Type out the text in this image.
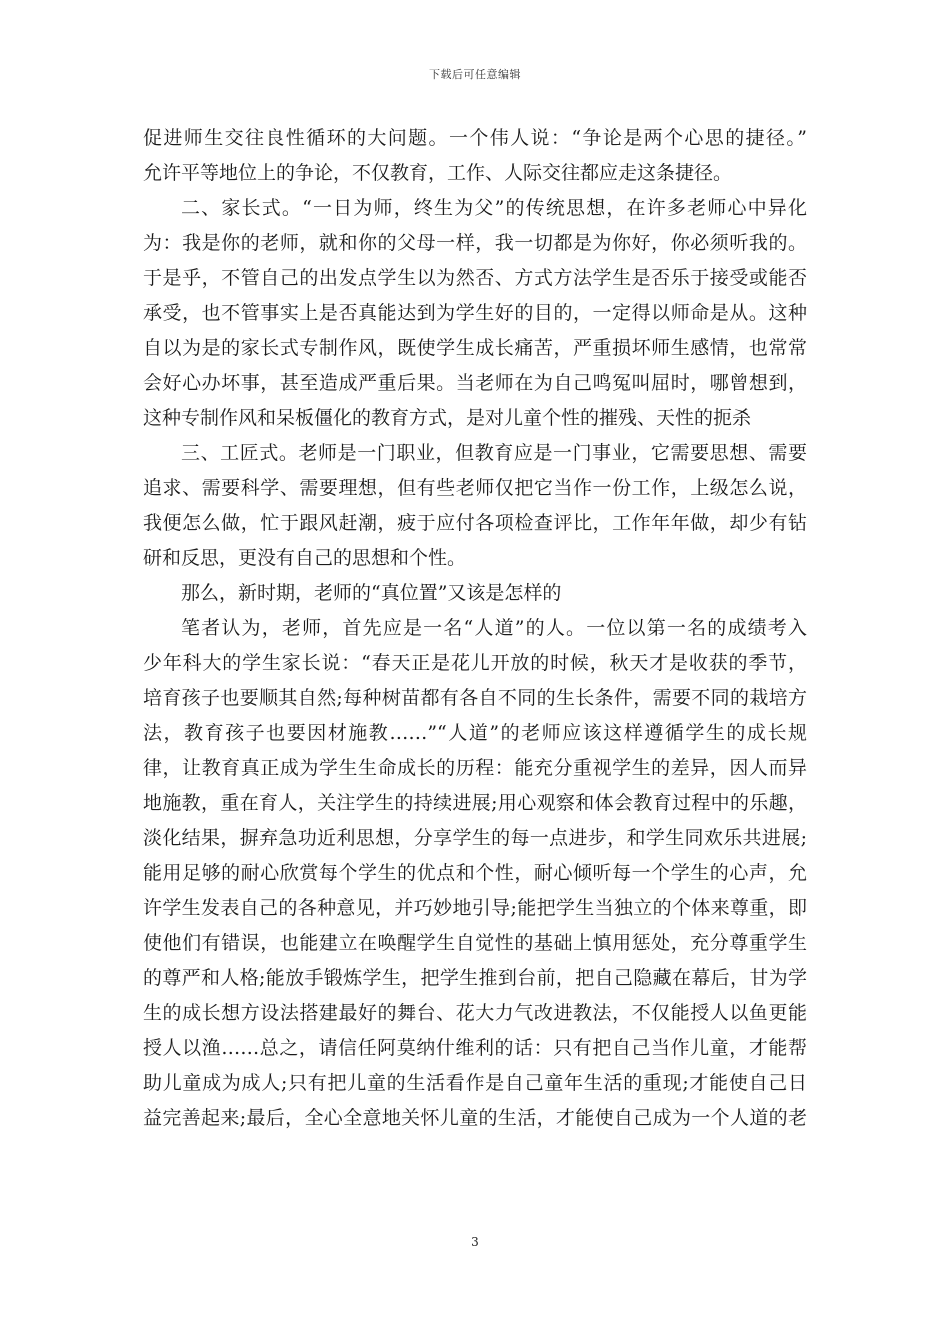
下载后可任意编辑
促进师生交往良性循环的大问题。一个伟人说：“争论是两个心思的捷径。”
允许平等地位上的争论，不仅教育，工作、人际交往都应走这条捷径。
二、家长式。“一日为师，终生为父”的传统思想，在许多老师心中异化
为：我是你的老师，就和你的父母一样，我一切都是为你好，你必须听我的。
于是乎，不管自己的出发点学生以为然否、方式方法学生是否乐于接受或能否
承受，也不管事实上是否真能达到为学生好的目的，一定得以师命是从。这种
自以为是的家长式专制作风，既使学生成长痛苦，严重损坏师生感情，也常常
会好心办坏事，甚至造成严重后果。当老师在为自己鸣冤叫屈时，哪曾想到，
这种专制作风和呆板僵化的教育方式，是对儿童个性的摧残、天性的扼杀
三、工匠式。老师是一门职业，但教育应是一门事业，它需要思想、需要
追求、需要科学、需要理想，但有些老师仅把它当作一份工作，上级怎么说，
我便怎么做，忙于跟风赶潮，疲于应付各项检查评比，工作年年做，却少有钻
研和反思，更没有自己的思想和个性。
那么，新时期，老师的“真位置”又该是怎样的
笔者认为，老师，首先应是一名“人道”的人。一位以第一名的成绩考入
少年科大的学生家长说：“春天正是花儿开放的时候，秋天才是收获的季节，
培育孩子也要顺其自然;每种树苗都有各自不同的生长条件，需要不同的栽培方
法，教育孩子也要因材施教……”“人道”的老师应该这样遵循学生的成长规
律，让教育真正成为学生生命成长的历程：能充分重视学生的差异，因人而异
地施教，重在育人，关注学生的持续进展;用心观察和体会教育过程中的乐趣，
淡化结果，摒弃急功近利思想，分享学生的每一点进步，和学生同欢乐共进展;
能用足够的耐心欣赏每个学生的优点和个性，耐心倾听每一个学生的心声，允
许学生发表自己的各种意见，并巧妙地引导;能把学生当独立的个体来尊重，即
使他们有错误，也能建立在唤醒学生自觉性的基础上慎用惩处，充分尊重学生
的尊严和人格;能放手锻炼学生，把学生推到台前，把自己隐藏在幕后，甘为学
生的成长想方设法搭建最好的舞台、花大力气改进教法，不仅能授人以鱼更能
授人以渔……总之，请信任阿莫纳什维利的话：只有把自己当作儿童，才能帮
助儿童成为成人;只有把儿童的生活看作是自己童年生活的重现;才能使自己日
益完善起来;最后，全心全意地关怀儿童的生活，才能使自己成为一个人道的老
3
